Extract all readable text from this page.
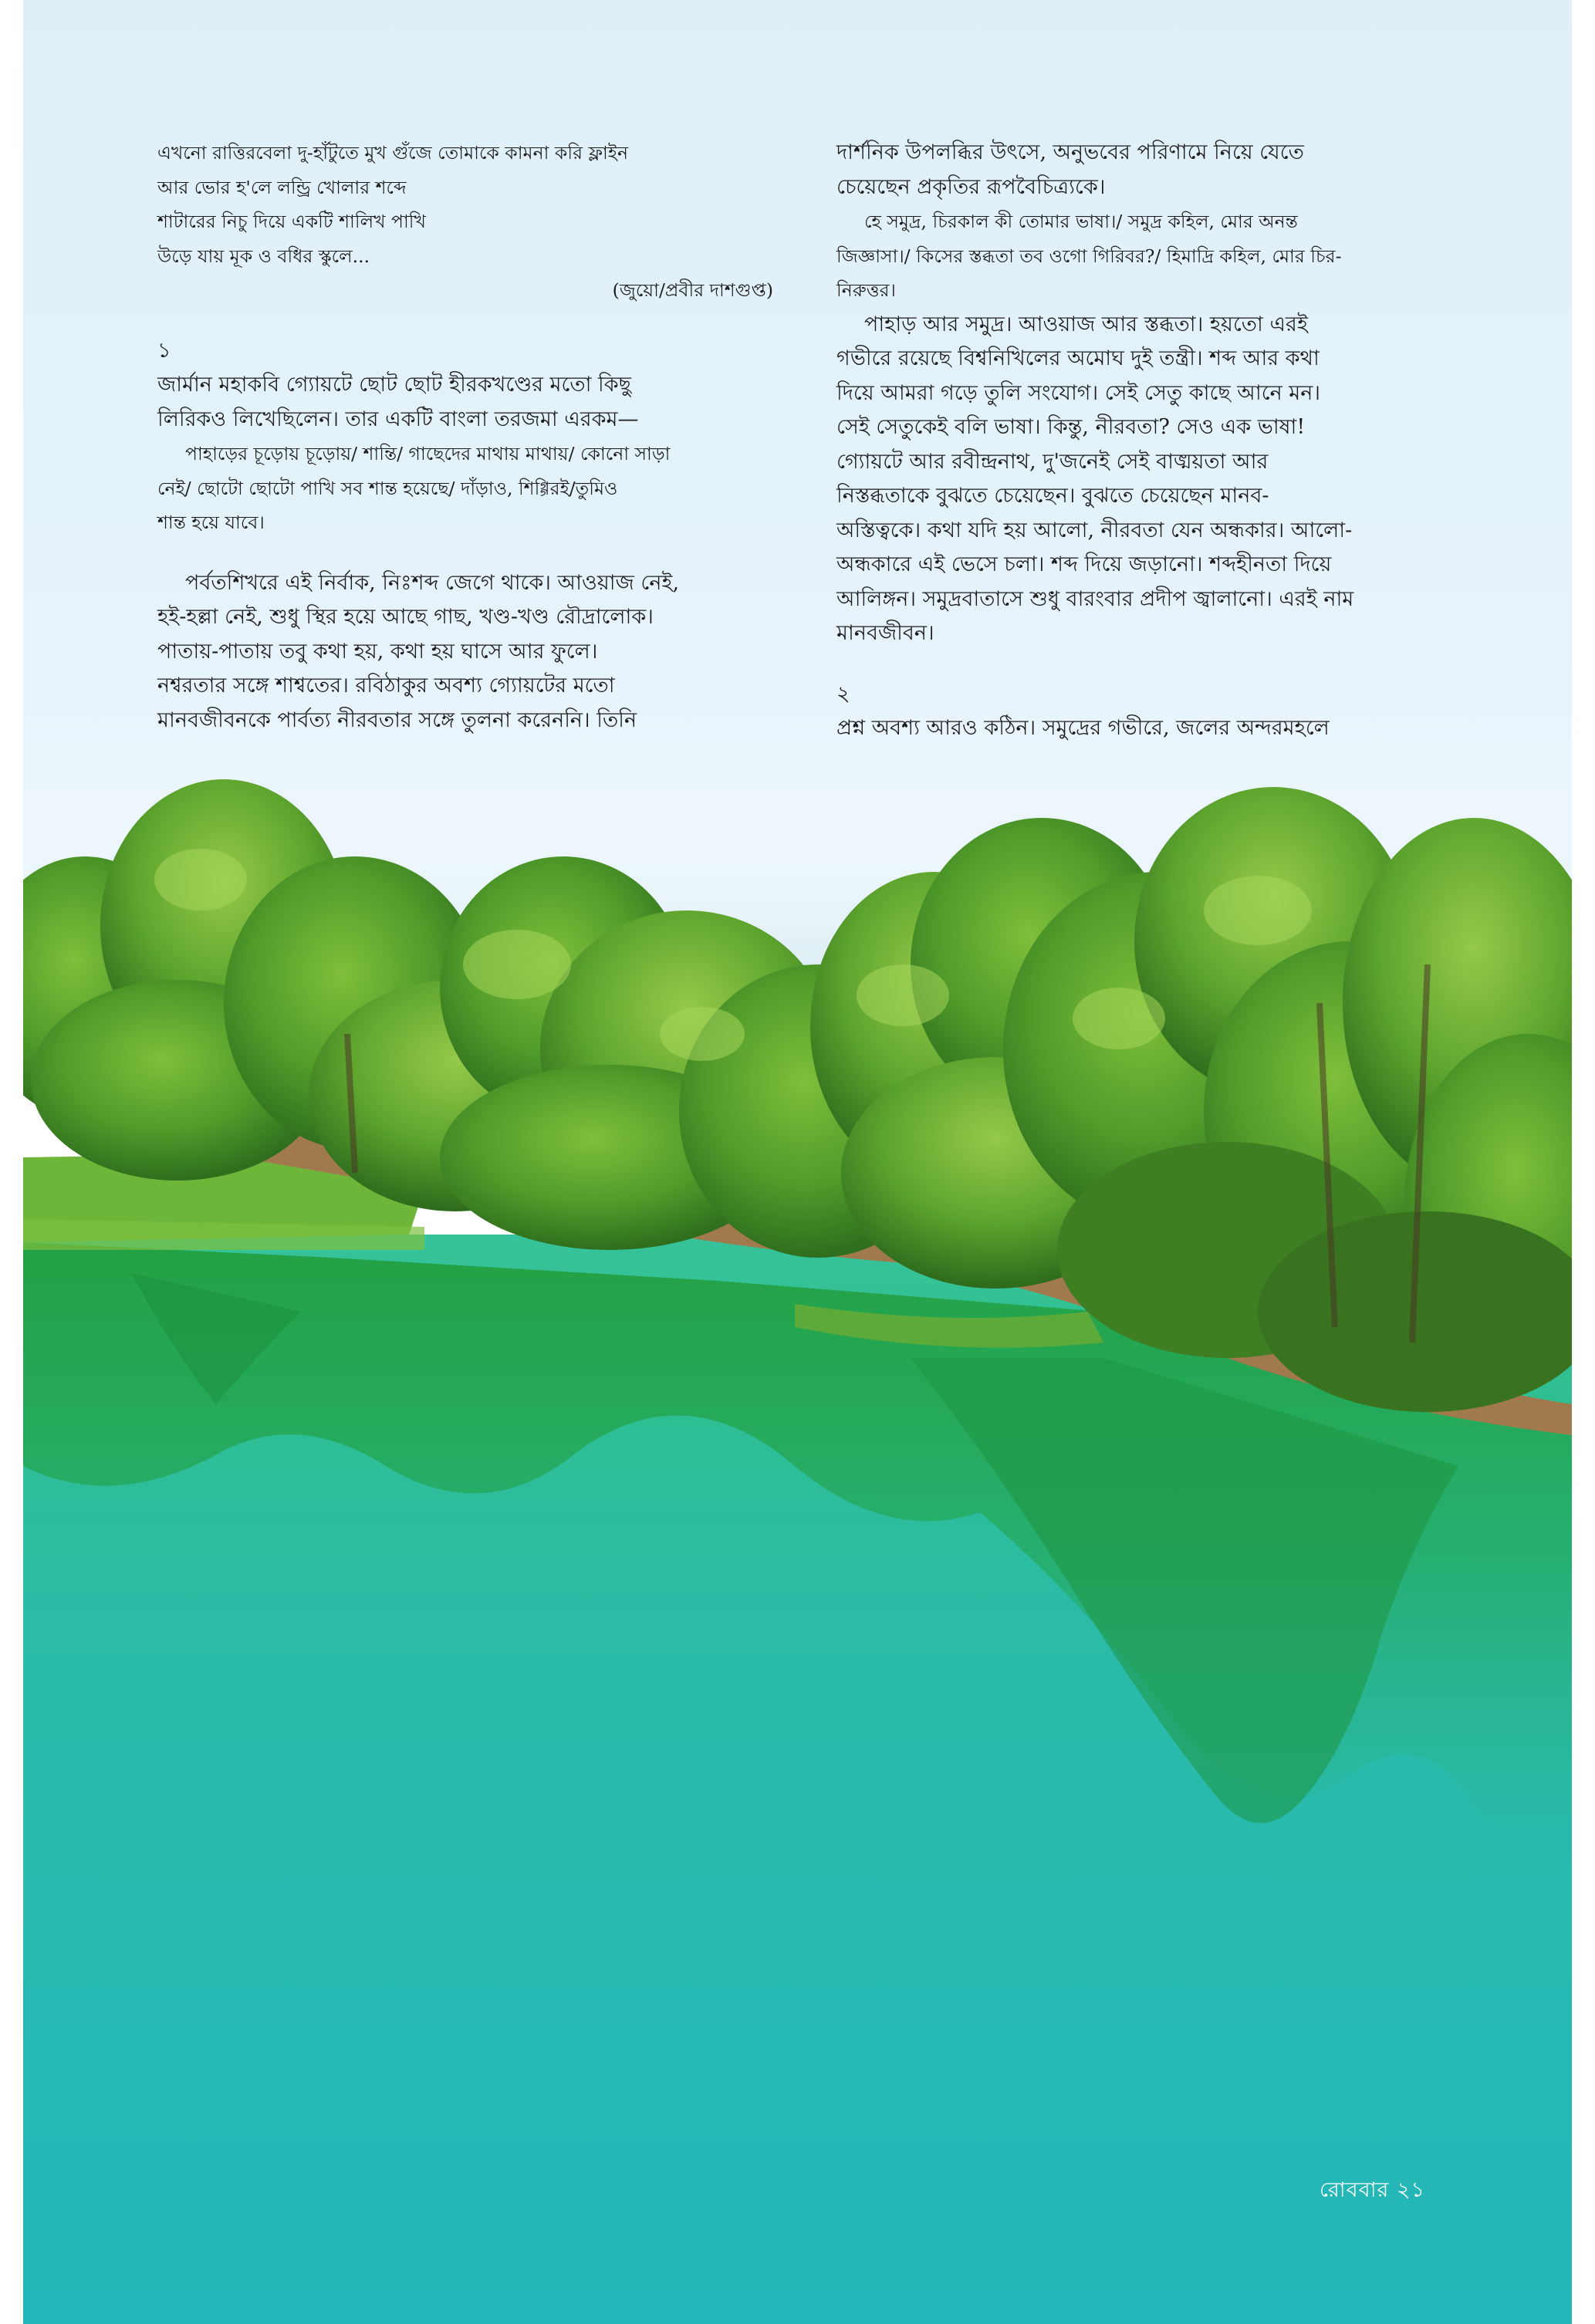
এখনো রাত্তিরবেলা দু-হাঁটুতে মুখ গুঁজে তোমাকে কামনা করি ফ্লাইন
আর ভোর হ'লে লন্ড্রি খোলার শব্দে
শাটারের নিচু দিয়ে একটি শালিখ পাখি
উড়ে যায় মূক ও বধির স্কুলে...
(জুয়ো/প্রবীর দাশগুপ্ত)
১
জার্মান মহাকবি গ্যোয়টে ছোট ছোট হীরকখণ্ডের মতো কিছু
লিরিকও লিখেছিলেন। তার একটি বাংলা তরজমা এরকম—
পাহাড়ের চূড়োয় চূড়োয়/ শান্তি/ গাছেদের মাথায় মাথায়/ কোনো সাড়া
নেই/ ছোটো ছোটো পাখি সব শান্ত হয়েছে/ দাঁড়াও, শিগ্গিরই/তুমিও
শান্ত হয়ে যাবে।
পর্বতশিখরে এই নির্বাক, নিঃশব্দ জেগে থাকে। আওয়াজ নেই,
হই-হল্লা নেই, শুধু স্থির হয়ে আছে গাছ, খণ্ড-খণ্ড রৌদ্রালোক।
পাতায়-পাতায় তবু কথা হয়, কথা হয় ঘাসে আর ফুলে।
নশ্বরতার সঙ্গে শাশ্বতের। রবিঠাকুর অবশ্য গ্যোয়টের মতো
মানবজীবনকে পার্বত্য নীরবতার সঙ্গে তুলনা করেননি। তিনি
দার্শনিক উপলব্ধির উৎসে, অনুভবের পরিণামে নিয়ে যেতে
চেয়েছেন প্রকৃতির রূপবৈচিত্র্যকে।
হে সমুদ্র, চিরকাল কী তোমার ভাষা।/ সমুদ্র কহিল, মোর অনন্ত
জিজ্ঞাসা।/ কিসের স্তব্ধতা তব ওগো গিরিবর?/ হিমাদ্রি কহিল, মোর চির-
নিরুত্তর।
পাহাড় আর সমুদ্র। আওয়াজ আর স্তব্ধতা। হয়তো এরই
গভীরে রয়েছে বিশ্বনিখিলের অমোঘ দুই তন্ত্রী। শব্দ আর কথা
দিয়ে আমরা গড়ে তুলি সংযোগ। সেই সেতু কাছে আনে মন।
সেই সেতুকেই বলি ভাষা। কিন্তু, নীরবতা? সেও এক ভাষা!
গ্যোয়টে আর রবীন্দ্রনাথ, দু'জনেই সেই বাঙ্ময়তা আর
নিস্তব্ধতাকে বুঝতে চেয়েছেন। বুঝতে চেয়েছেন মানব-
অস্তিত্বকে। কথা যদি হয় আলো, নীরবতা যেন অন্ধকার। আলো-
অন্ধকারে এই ভেসে চলা। শব্দ দিয়ে জড়ানো। শব্দহীনতা দিয়ে
আলিঙ্গন। সমুদ্রবাতাসে শুধু বারংবার প্রদীপ জ্বালানো। এরই নাম
মানবজীবন।
২
প্রশ্ন অবশ্য আরও কঠিন। সমুদ্রের গভীরে, জলের অন্দরমহলে
রোববার ২১
